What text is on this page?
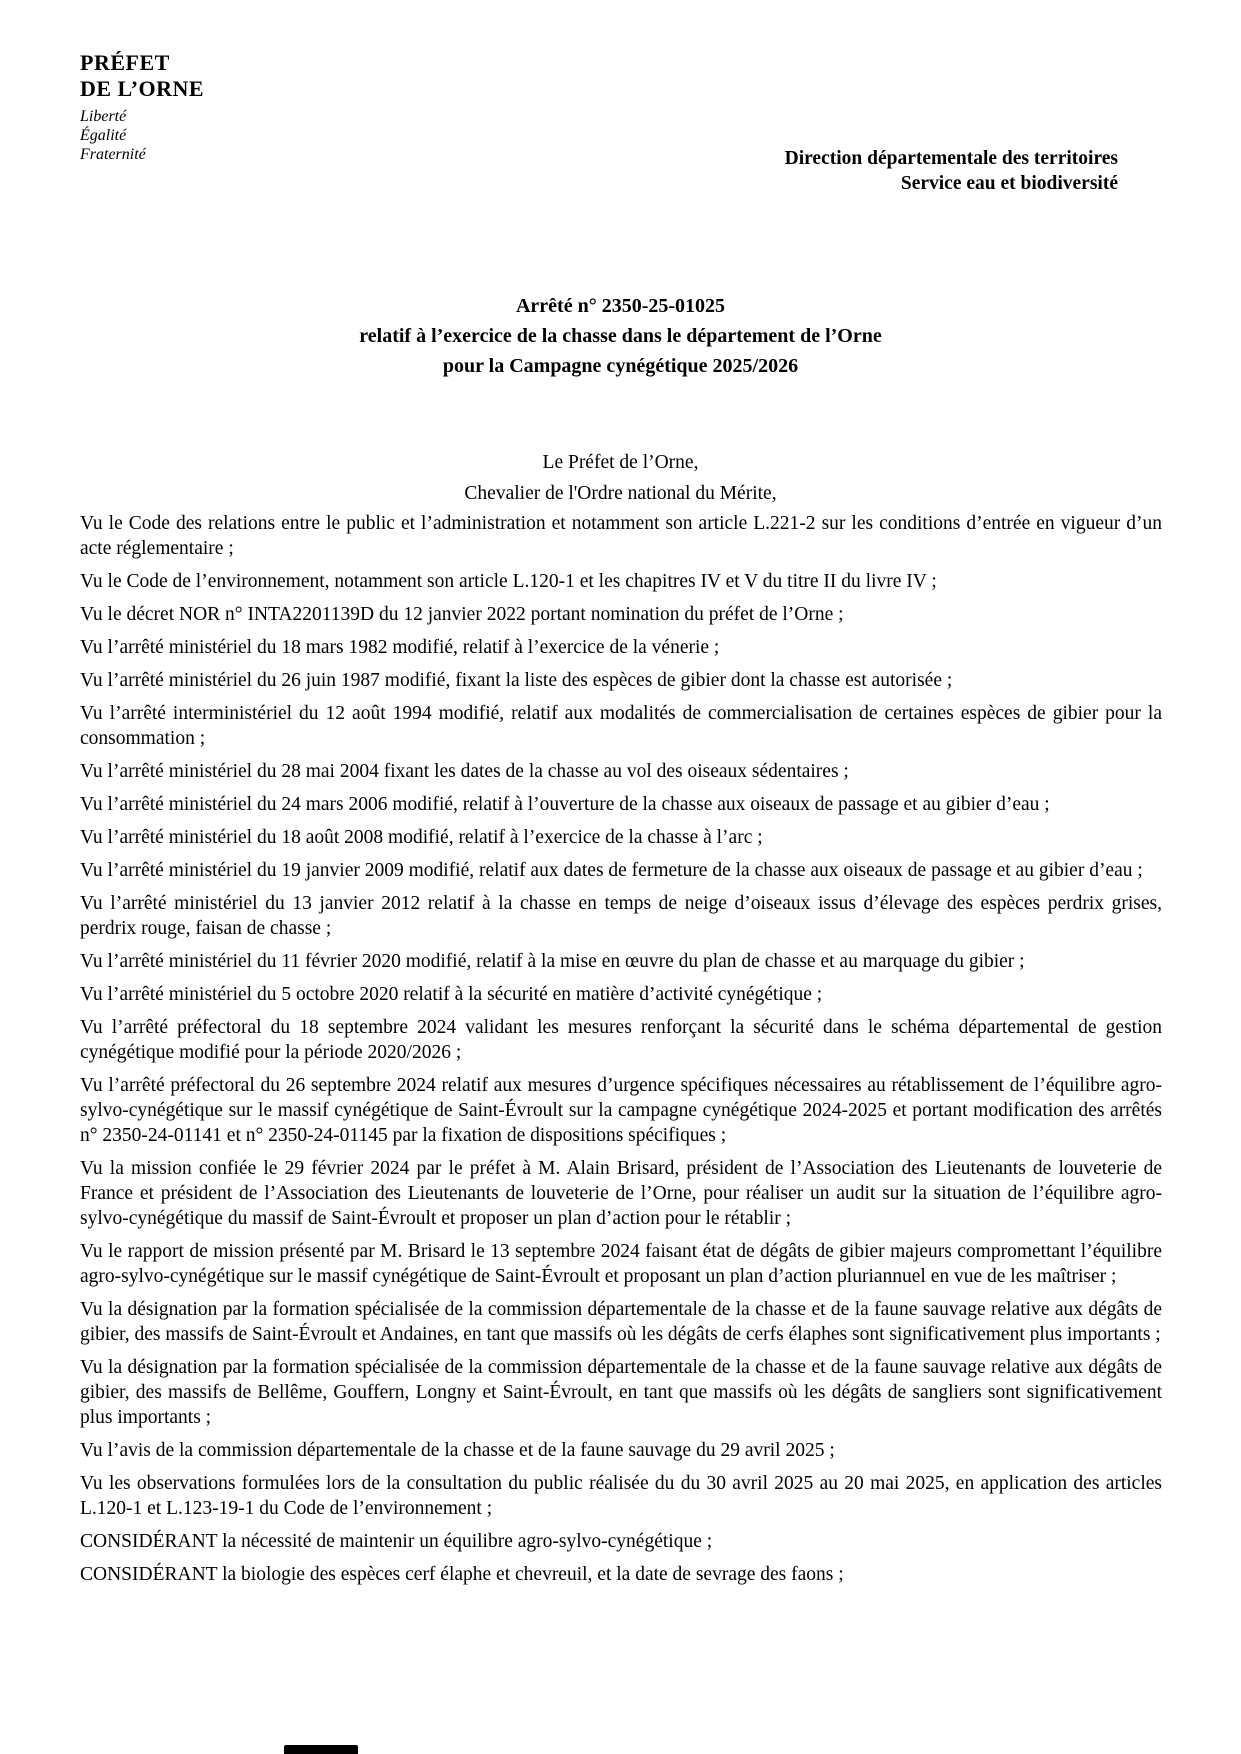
PRÉFET
DE L’ORNE
Liberté
Égalité
Fraternité	Direction départementale des territoires
Service eau et biodiversité
Arrêté n° 2350-25-01025
relatif à l’exercice de la chasse dans le département de l’Orne
pour la Campagne cynégétique 2025/2026
Le Préfet de l’Orne,
Chevalier de l'Ordre national du Mérite,

Vu le Code des relations entre le public et l’administration et notamment son article L.221-2 sur les conditions d’entrée en vigueur d’un acte réglementaire ;

Vu le Code de l’environnement, notamment son article L.120-1 et les chapitres IV et V du titre II du livre IV ;

Vu le décret NOR n° INTA2201139D du 12 janvier 2022 portant nomination du préfet de l’Orne ;

Vu l’arrêté ministériel du 18 mars 1982 modifié, relatif à l’exercice de la vénerie ;

Vu l’arrêté ministériel du 26 juin 1987 modifié, fixant la liste des espèces de gibier dont la chasse est autorisée ;

Vu l’arrêté interministériel du 12 août 1994 modifié, relatif aux modalités de commercialisation de certaines espèces de gibier pour la consommation ;

Vu l’arrêté ministériel du 28 mai 2004 fixant les dates de la chasse au vol des oiseaux sédentaires ;

Vu l’arrêté ministériel du 24 mars 2006 modifié, relatif à l’ouverture de la chasse aux oiseaux de passage et au gibier d’eau ;

Vu l’arrêté ministériel du 18 août 2008 modifié, relatif à l’exercice de la chasse à l’arc ;

Vu l’arrêté ministériel du 19 janvier 2009 modifié, relatif aux dates de fermeture de la chasse aux oiseaux de passage et au gibier d’eau ;

Vu l’arrêté ministériel du 13 janvier 2012 relatif à la chasse en temps de neige d’oiseaux issus d’élevage des espèces perdrix grises, perdrix rouge, faisan de chasse ;

Vu l’arrêté ministériel du 11 février 2020 modifié, relatif à la mise en œuvre du plan de chasse et au marquage du gibier ;

Vu l’arrêté ministériel du 5 octobre 2020 relatif à la sécurité en matière d’activité cynégétique ;

Vu l’arrêté préfectoral du 18 septembre 2024 validant les mesures renforçant la sécurité dans le schéma départemental de gestion cynégétique modifié pour la période 2020/2026 ;

Vu l’arrêté préfectoral du 26 septembre 2024 relatif aux mesures d’urgence spécifiques nécessaires au rétablissement de l’équilibre agro-sylvo-cynégétique sur le massif cynégétique de Saint-Évroult sur la campagne cynégétique 2024-2025 et portant modification des arrêtés n° 2350-24-01141 et n° 2350-24-01145 par la fixation de dispositions spécifiques ;

Vu la mission confiée le 29 février 2024 par le préfet à M. Alain Brisard, président de l’Association des Lieutenants de louveterie de France et président de l’Association des Lieutenants de louveterie de l’Orne, pour réaliser un audit sur la situation de l’équilibre agro-sylvo-cynégétique du massif de Saint-Évroult et proposer un plan d’action pour le rétablir ;

Vu le rapport de mission présenté par M. Brisard le 13 septembre 2024 faisant état de dégâts de gibier majeurs compromettant l’équilibre agro-sylvo-cynégétique sur le massif cynégétique de Saint-Évroult et proposant un plan d’action pluriannuel en vue de les maîtriser ;

Vu la désignation par la formation spécialisée de la commission départementale de la chasse et de la faune sauvage relative aux dégâts de gibier, des massifs de Saint-Évroult et Andaines, en tant que massifs où les dégâts de cerfs élaphes sont significativement plus importants ;

Vu la désignation par la formation spécialisée de la commission départementale de la chasse et de la faune sauvage relative aux dégâts de gibier, des massifs de Bellême, Gouffern, Longny et Saint-Évroult, en tant que massifs où les dégâts de sangliers sont significativement plus importants ;

Vu l’avis de la commission départementale de la chasse et de la faune sauvage du 29 avril 2025 ;

Vu les observations formulées lors de la consultation du public réalisée du du 30 avril 2025 au 20 mai 2025, en application des articles L.120-1 et L.123-19-1 du Code de l’environnement ;

CONSIDÉRANT la nécessité de maintenir un équilibre agro-sylvo-cynégétique ;

CONSIDÉRANT la biologie des espèces cerf élaphe et chevreuil, et la date de sevrage des faons ;
